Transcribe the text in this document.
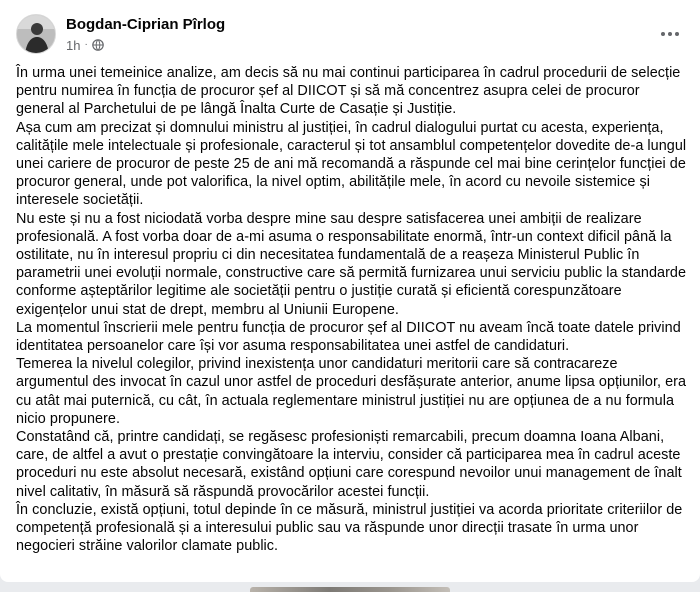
Bogdan-Ciprian Pîrlog
1h ·

În urma unei temeinice analize, am decis să nu mai continui participarea în cadrul procedurii de selecție pentru numirea în funcția de procuror șef al DIICOT și să mă concentrez asupra celei de procuror general al Parchetului de pe lângă Înalta Curte de Casație și Justiție.

Așa cum am precizat și domnului ministru al justiției, în cadrul dialogului purtat cu acesta, experiența, calitățile mele intelectuale și profesionale, caracterul și tot ansamblul competențelor dovedite de-a lungul unei cariere de procuror de peste 25 de ani mă recomandă a răspunde cel mai bine cerințelor funcției de procuror general, unde pot valorifica, la nivel optim, abilitățile mele, în acord cu nevoile sistemice și interesele societății.

Nu este și nu a fost niciodată vorba despre mine sau despre satisfacerea unei ambiții de realizare profesională. A fost vorba doar de a-mi asuma o responsabilitate enormă, într-un context dificil până la ostilitate, nu în interesul propriu ci din necesitatea fundamentală de a reașeza Ministerul Public în parametrii unei evoluții normale, constructive care să permită furnizarea unui serviciu public la standarde conforme așteptărilor legitime ale societății pentru o justiție curată și eficientă corespunzătoare exigențelor unui stat de drept, membru al Uniunii Europene.

La momentul înscrierii mele pentru funcția de procuror șef al DIICOT nu aveam încă toate datele privind identitatea persoanelor care își vor asuma responsabilitatea unei astfel de candidaturi.

Temerea la nivelul colegilor, privind inexistența unor candidaturi meritorii care să contracareze argumentul des invocat în cazul unor astfel de proceduri desfășurate anterior, anume lipsa opțiunilor, era cu atât mai puternică, cu cât, în actuala reglementare ministrul justiției nu are opțiunea de a nu formula nicio propunere.

Constatând că, printre candidați, se regăsesc profesioniști remarcabili, precum doamna Ioana Albani, care, de altfel a avut o prestație convingătoare la interviu, consider că participarea mea în cadrul aceste proceduri nu este absolut necesară, existând opțiuni care corespund nevoilor unui management de înalt nivel calitativ, în măsură să răspundă provocărilor acestei funcții.

În concluzie, există opțiuni, totul depinde în ce măsură, ministrul justiției va acorda prioritate criteriilor de competență profesională și a interesului public sau va răspunde unor direcții trasate în urma unor negocieri străine valorilor clamate public.
